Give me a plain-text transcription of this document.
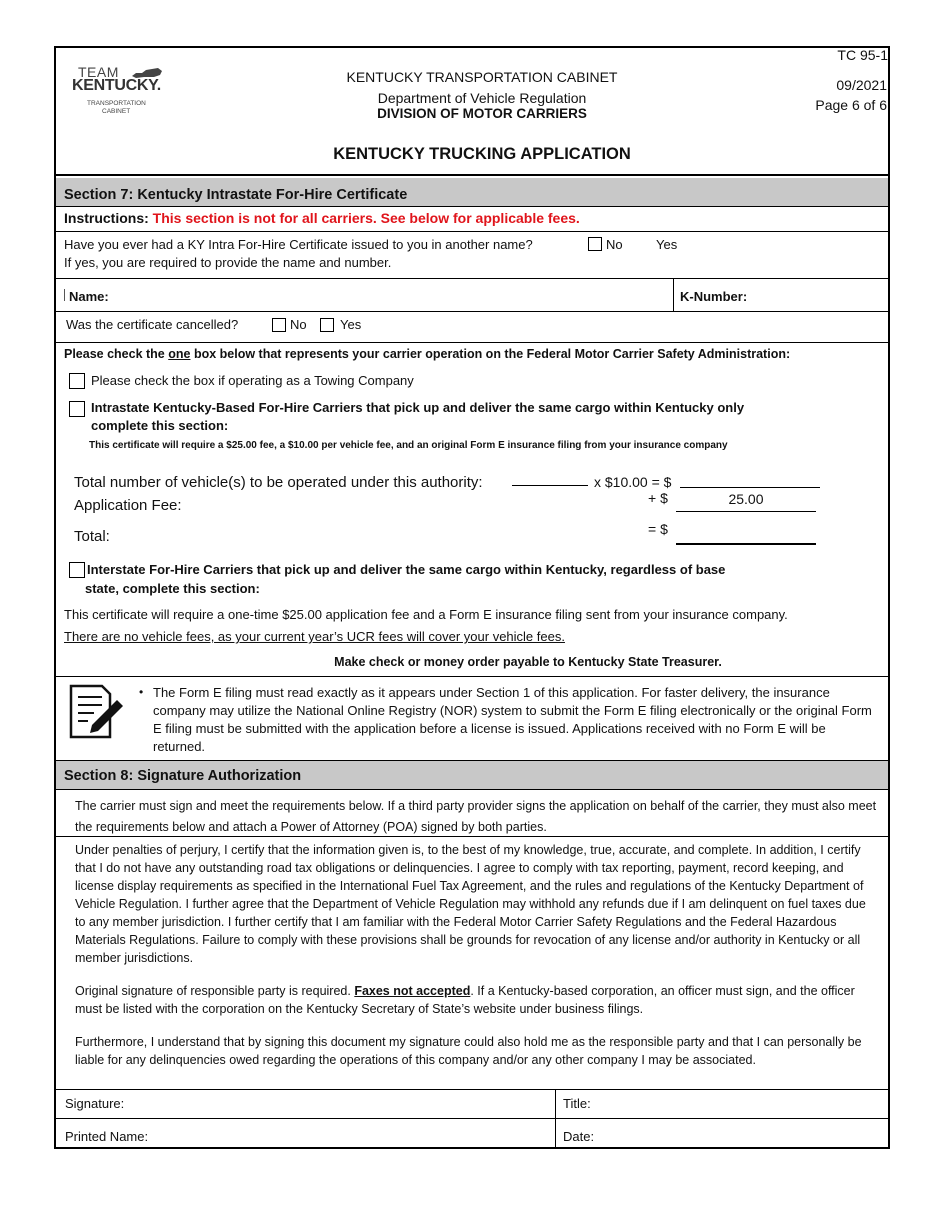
TEAM
KENTUCKY.
TRANSPORTATION
CABINET
KENTUCKY TRANSPORTATION CABINET
Department of Vehicle Regulation
DIVISION OF MOTOR CARRIERS
TC 95-1
09/2021
Page 6 of 6
KENTUCKY TRUCKING APPLICATION
Section 7: Kentucky Intrastate For-Hire Certificate
Instructions: This section is not for all carriers. See below for applicable fees.
Have you ever had a KY Intra For-Hire Certificate issued to you in another name?	No	Yes
If yes, you are required to provide the name and number.
Name:	K-Number:
Was the certificate cancelled?	No	Yes
Please check the one box below that represents your carrier operation on the Federal Motor Carrier Safety Administration:
Please check the box if operating as a Towing Company
Intrastate Kentucky-Based For-Hire Carriers that pick up and deliver the same cargo within Kentucky only
complete this section:
This certificate will require a $25.00 fee, a $10.00 per vehicle fee, and an original Form E insurance filing from your insurance company
Total number of vehicle(s) to be operated under this authority:	x $10.00 = $
Application Fee:	+ $	25.00
Total:	= $
Interstate For-Hire Carriers that pick up and deliver the same cargo within Kentucky, regardless of base
state, complete this section:
This certificate will require a one-time $25.00 application fee and a Form E insurance filing sent from your insurance company.
There are no vehicle fees, as your current year’s UCR fees will cover your vehicle fees.
Make check or money order payable to Kentucky State Treasurer.
• The Form E filing must read exactly as it appears under Section 1 of this application. For faster delivery, the insurance company may utilize the National Online Registry (NOR) system to submit the Form E filing electronically or the original Form E filing must be submitted with the application before a license is issued. Applications received with no Form E will be returned.
Section 8: Signature Authorization
The carrier must sign and meet the requirements below. If a third party provider signs the application on behalf of the carrier, they must also meet the requirements below and attach a Power of Attorney (POA) signed by both parties.
Under penalties of perjury, I certify that the information given is, to the best of my knowledge, true, accurate, and complete. In addition, I certify that I do not have any outstanding road tax obligations or delinquencies. I agree to comply with tax reporting, payment, record keeping, and license display requirements as specified in the International Fuel Tax Agreement, and the rules and regulations of the Kentucky Department of Vehicle Regulation. I further agree that the Department of Vehicle Regulation may withhold any refunds due if I am delinquent on fuel taxes due to any member jurisdiction. I further certify that I am familiar with the Federal Motor Carrier Safety Regulations and the Federal Hazardous Materials Regulations. Failure to comply with these provisions shall be grounds for revocation of any license and/or authority in Kentucky or all member jurisdictions.
Original signature of responsible party is required. Faxes not accepted. If a Kentucky-based corporation, an officer must sign, and the officer must be listed with the corporation on the Kentucky Secretary of State’s website under business filings.
Furthermore, I understand that by signing this document my signature could also hold me as the responsible party and that I can personally be liable for any delinquencies owed regarding the operations of this company and/or any other company I may be associated.
Signature:	Title:
Printed Name:	Date:
